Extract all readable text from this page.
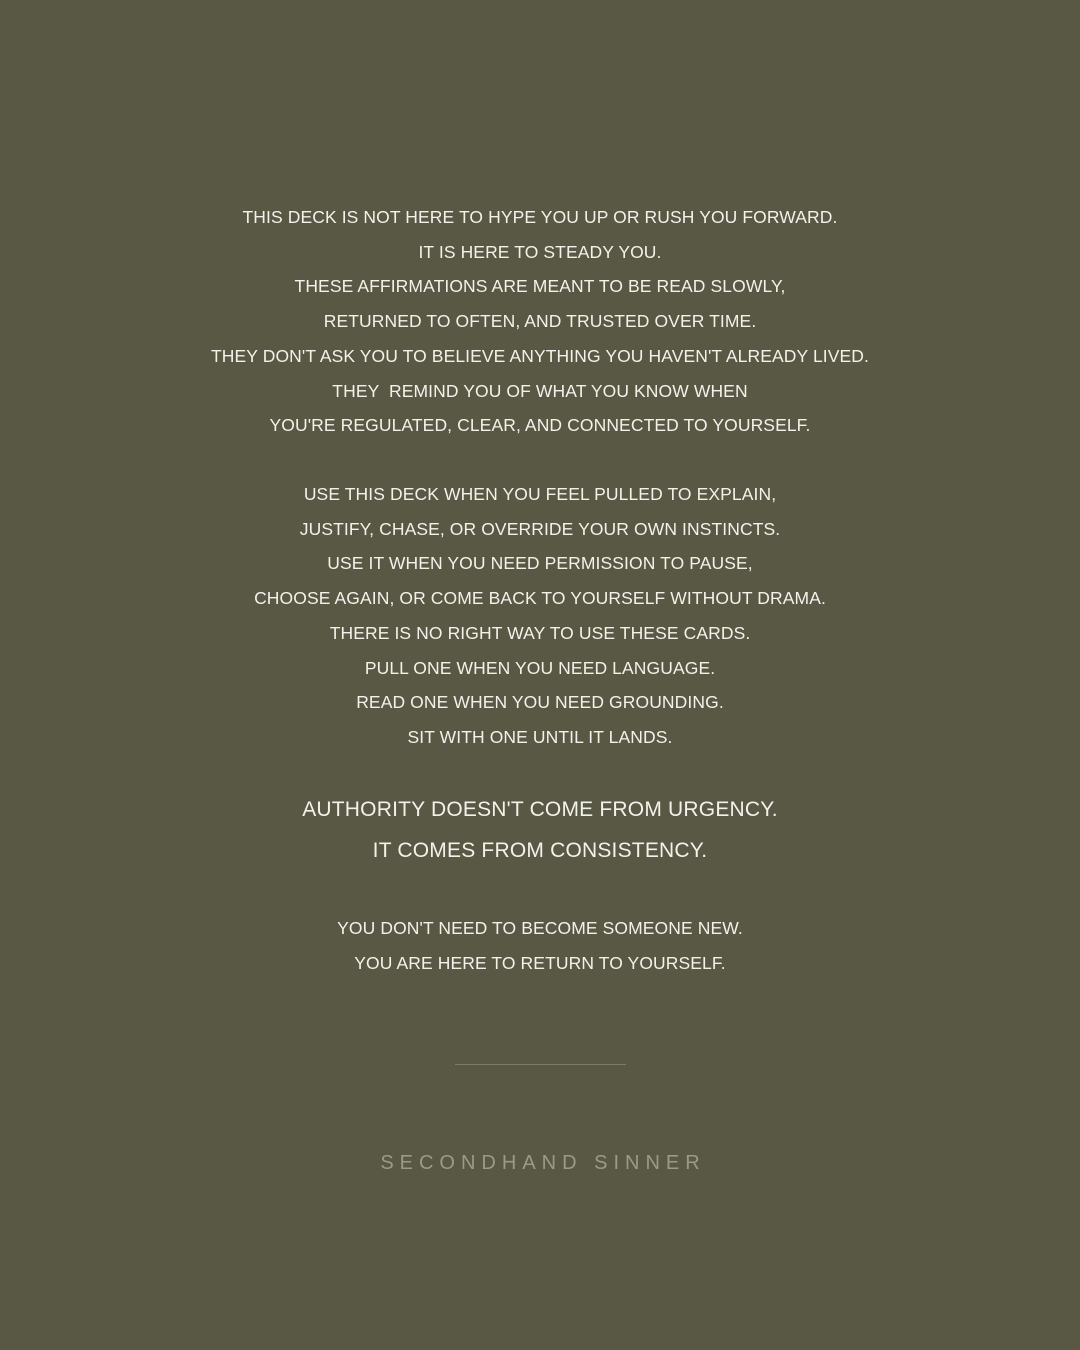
THIS DECK IS NOT HERE TO HYPE YOU UP OR RUSH YOU FORWARD.
IT IS HERE TO STEADY YOU.
THESE AFFIRMATIONS ARE MEANT TO BE READ SLOWLY,
RETURNED TO OFTEN, AND TRUSTED OVER TIME.
THEY DON'T ASK YOU TO BELIEVE ANYTHING YOU HAVEN'T ALREADY LIVED.
THEY  REMIND YOU OF WHAT YOU KNOW WHEN
YOU'RE REGULATED, CLEAR, AND CONNECTED TO YOURSELF.
USE THIS DECK WHEN YOU FEEL PULLED TO EXPLAIN,
JUSTIFY, CHASE, OR OVERRIDE YOUR OWN INSTINCTS.
USE IT WHEN YOU NEED PERMISSION TO PAUSE,
CHOOSE AGAIN, OR COME BACK TO YOURSELF WITHOUT DRAMA.
THERE IS NO RIGHT WAY TO USE THESE CARDS.
PULL ONE WHEN YOU NEED LANGUAGE.
READ ONE WHEN YOU NEED GROUNDING.
SIT WITH ONE UNTIL IT LANDS.
AUTHORITY DOESN'T COME FROM URGENCY.
IT COMES FROM CONSISTENCY.
YOU DON'T NEED TO BECOME SOMEONE NEW.
YOU ARE HERE TO RETURN TO YOURSELF.
SECONDHAND SINNER
